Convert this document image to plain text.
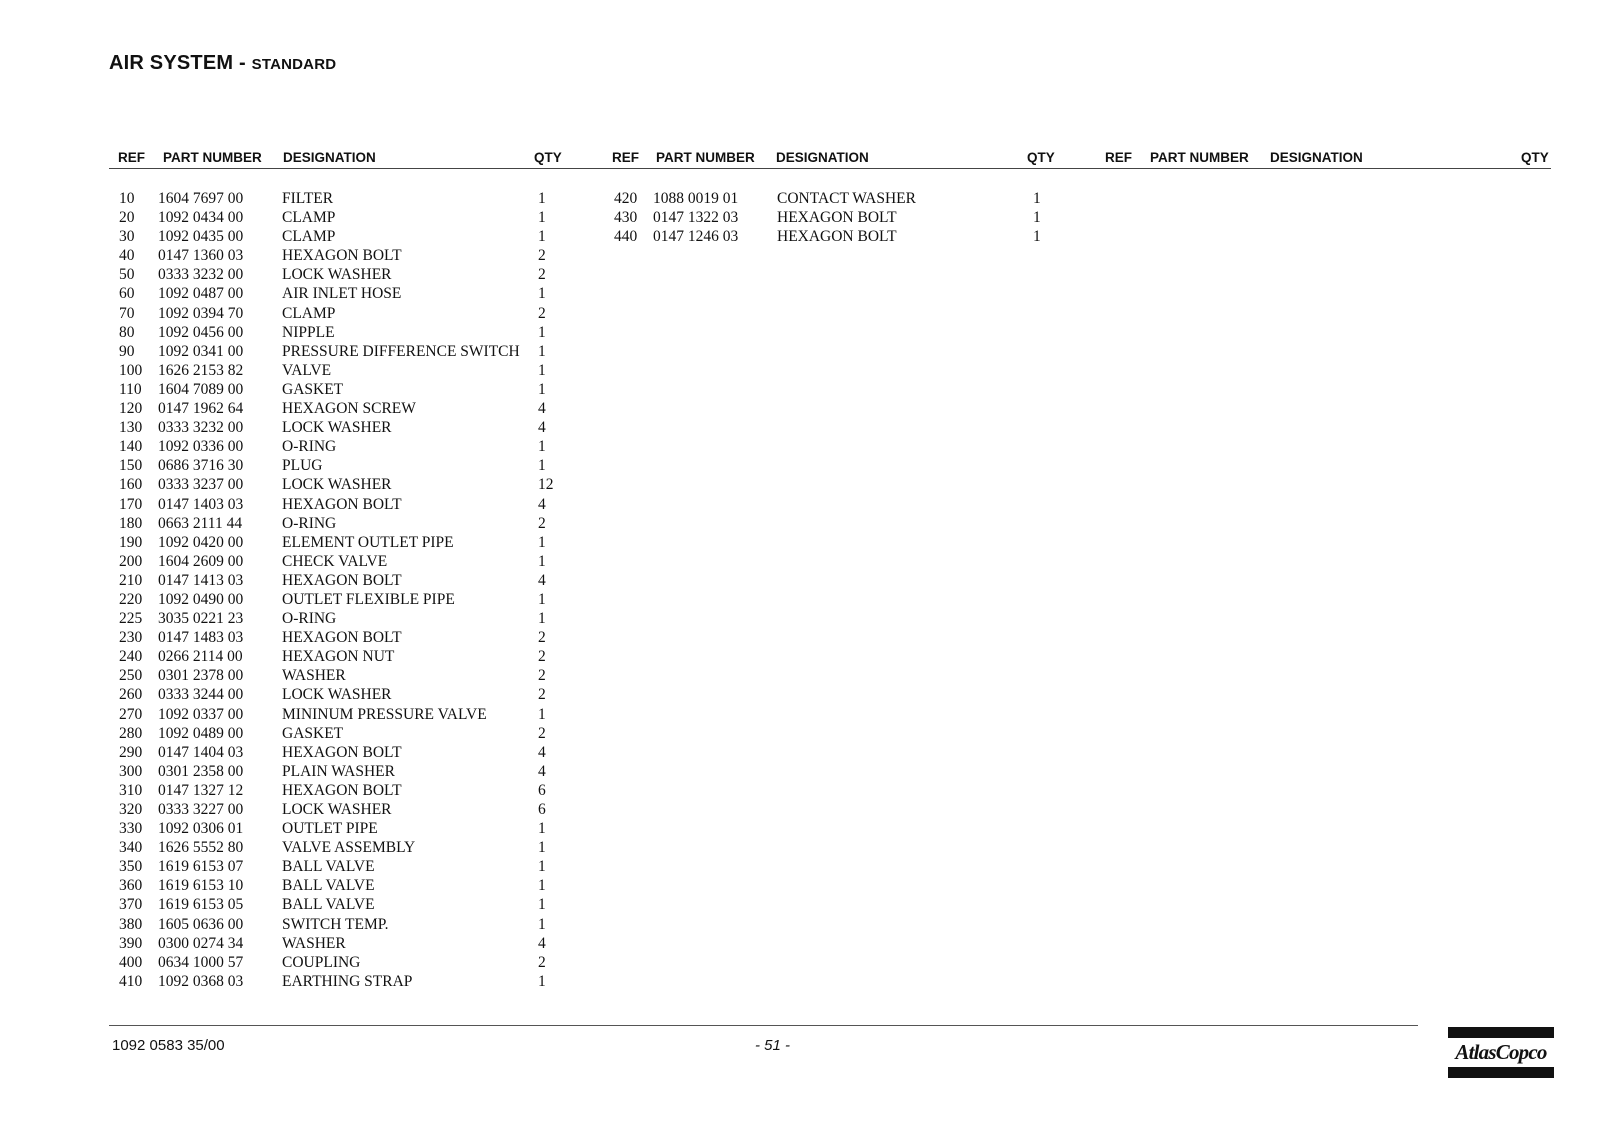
AIR SYSTEM - STANDARD
REF PART NUMBER DESIGNATION	QTY	REF PART NUMBER DESIGNATION	QTY	REF PART NUMBER DESIGNATION	QTY
10 1604 7697 00	FILTER	1
20 1092 0434 00	CLAMP	1
30 1092 0435 00	CLAMP	1
40 0147 1360 03	HEXAGON BOLT	2
50 0333 3232 00	LOCK WASHER	2
60 1092 0487 00	AIR INLET HOSE	1
70 1092 0394 70	CLAMP	2
80 1092 0456 00	NIPPLE	1
90 1092 0341 00	PRESSURE DIFFERENCE SWITCH 1
100 1626 2153 82	VALVE	1
110 1604 7089 00	GASKET	1
120 0147 1962 64	HEXAGON SCREW	4
130 0333 3232 00	LOCK WASHER	4
140 1092 0336 00	O-RING	1
150 0686 3716 30	PLUG	1
160 0333 3237 00	LOCK WASHER	12
170 0147 1403 03	HEXAGON BOLT	4
180 0663 2111 44	O-RING	2
190 1092 0420 00	ELEMENT OUTLET PIPE	1
200 1604 2609 00	CHECK VALVE	1
210 0147 1413 03	HEXAGON BOLT	4
220 1092 0490 00	OUTLET FLEXIBLE PIPE	1
225 3035 0221 23	O-RING	1
230 0147 1483 03	HEXAGON BOLT	2
240 0266 2114 00	HEXAGON NUT	2
250 0301 2378 00	WASHER	2
260 0333 3244 00	LOCK WASHER	2
270 1092 0337 00	MININUM PRESSURE VALVE	1
280 1092 0489 00	GASKET	2
290 0147 1404 03	HEXAGON BOLT	4
300 0301 2358 00	PLAIN WASHER	4
310 0147 1327 12	HEXAGON BOLT	6
320 0333 3227 00	LOCK WASHER	6
330 1092 0306 01	OUTLET PIPE	1
340 1626 5552 80	VALVE ASSEMBLY	1
350 1619 6153 07	BALL VALVE	1
360 1619 6153 10	BALL VALVE	1
370 1619 6153 05	BALL VALVE	1
380 1605 0636 00	SWITCH TEMP.	1
390 0300 0274 34	WASHER	4
400 0634 1000 57	COUPLING	2
410 1092 0368 03	EARTHING STRAP	1
420 1088 0019 01	CONTACT WASHER	1
430 0147 1322 03	HEXAGON BOLT	1
440 0147 1246 03	HEXAGON BOLT	1
1092 0583 35/00	- 51 -	AtlasCopco
